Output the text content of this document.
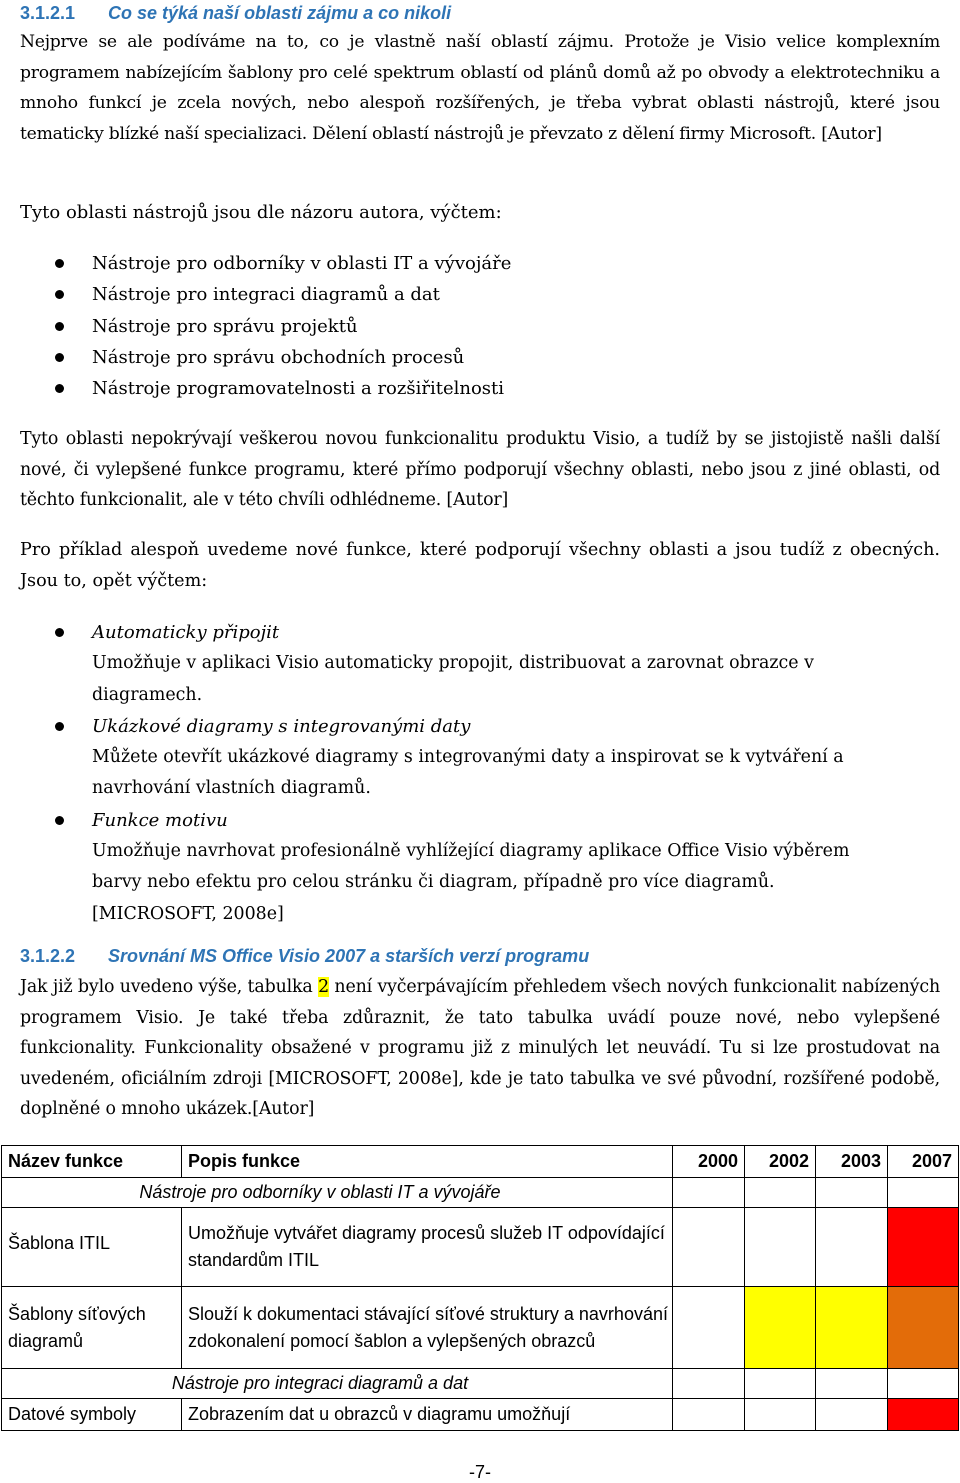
3.1.2.1 Co se týká naší oblasti zájmu a co nikoli

Nejprve se ale podíváme na to, co je vlastně naší oblastí zájmu. Protože je Visio velice komplexním programem nabízejícím šablony pro celé spektrum oblastí od plánů domů až po obvody a elektrotechniku a mnoho funkcí je zcela nových, nebo alespoň rozšířených, je třeba vybrat oblasti nástrojů, které jsou tematicky blízké naší specializaci. Dělení oblastí nástrojů je převzato z dělení firmy Microsoft. [Autor]

Tyto oblasti nástrojů jsou dle názoru autora, výčtem:

Nástroje pro odborníky v oblasti IT a vývojáře
Nástroje pro integraci diagramů a dat
Nástroje pro správu projektů
Nástroje pro správu obchodních procesů
Nástroje programovatelnosti a rozšiřitelnosti

Tyto oblasti nepokrývají veškerou novou funkcionalitu produktu Visio, a tudíž by se jistojistě našli další nové, či vylepšené funkce programu, které přímo podporují všechny oblasti, nebo jsou z jiné oblasti, od těchto funkcionalit, ale v této chvíli odhlédneme. [Autor]

Pro příklad alespoň uvedeme nové funkce, které podporují všechny oblasti a jsou tudíž z obecných. Jsou to, opět výčtem:

Automaticky připojit
Umožňuje v aplikaci Visio automaticky propojit, distribuovat a zarovnat obrazce v diagramech.
Ukázkové diagramy s integrovanými daty
Můžete otevřít ukázkové diagramy s integrovanými daty a inspirovat se k vytváření a navrhování vlastních diagramů.
Funkce motivu
Umožňuje navrhovat profesionálně vyhlížející diagramy aplikace Office Visio výběrem barvy nebo efektu pro celou stránku či diagram, případně pro více diagramů. [MICROSOFT, 2008e]
3.1.2.2 Srovnání MS Office Visio 2007 a starších verzí programu

Jak již bylo uvedeno výše, tabulka 2 není vyčerpávajícím přehledem všech nových funkcionalit nabízených programem Visio. Je také třeba zdůraznit, že tato tabulka uvádí pouze nové, nebo vylepšené funkcionality. Funkcionality obsažené v programu již z minulých let neuvádí. Tu si lze prostudovat na uvedeném, oficiálním zdroji [MICROSOFT, 2008e], kde je tato tabulka ve své původní, rozšířené podobě, doplněné o mnoho ukázek.[Autor]

Název funkce	Popis funkce	2000	2002	2003	2007
Nástroje pro odborníky v oblasti IT a vývojáře					
Šablona ITIL	Umožňuje vytvářet diagramy procesů služeb IT odpovídající standardům ITIL				
Šablony síťových diagramů	Slouží k dokumentaci stávající síťové struktury a navrhování zdokonalení pomocí šablon a vylepšených obrazců				
Nástroje pro integraci diagramů a dat					
Datové symboly	Zobrazením dat u obrazců v diagramu umožňují				
-7-
